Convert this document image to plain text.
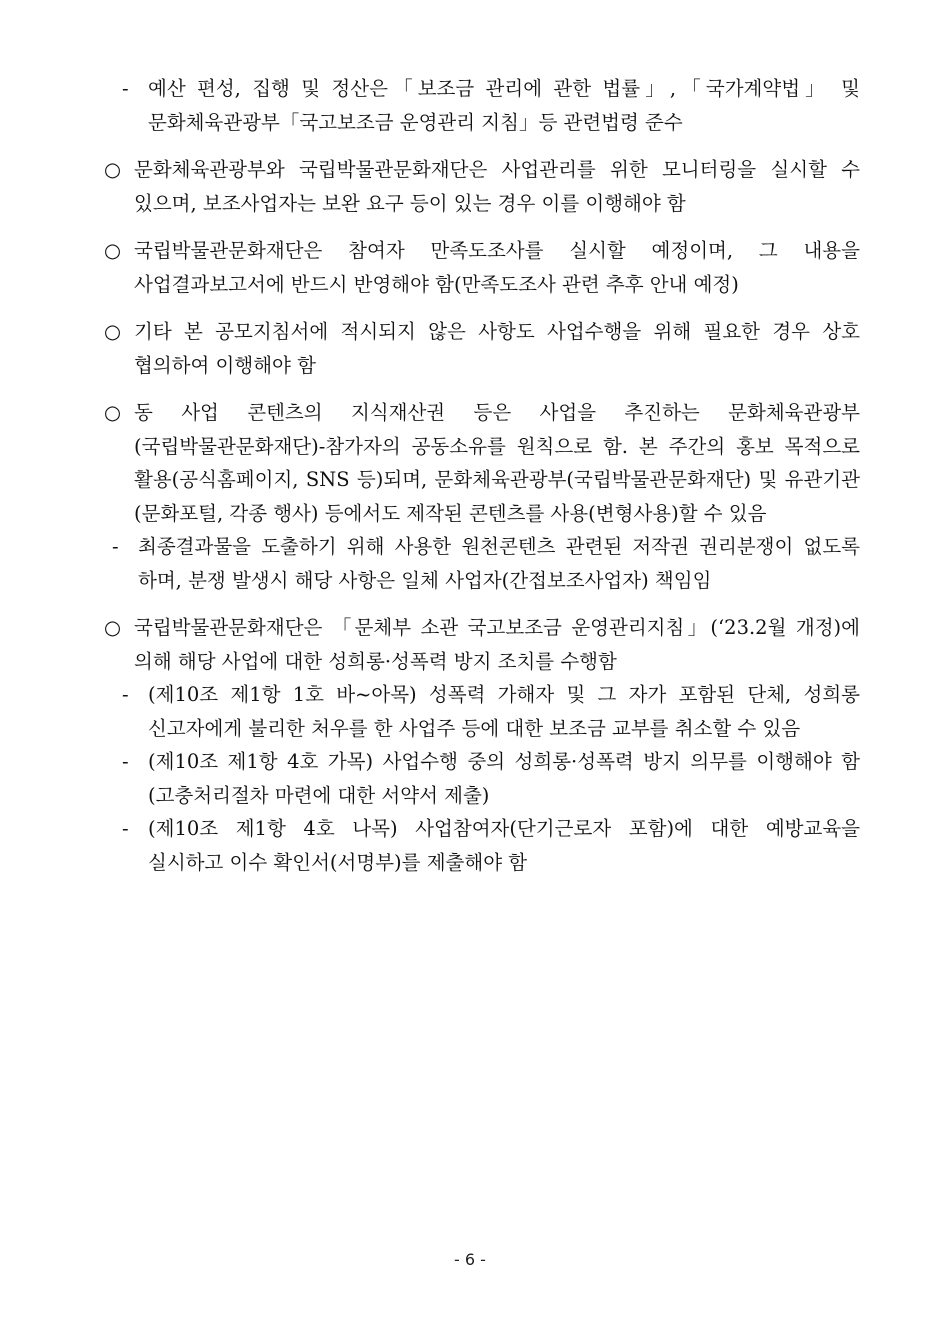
- 예산 편성, 집행 및 정산은「보조금 관리에 관한 법률」,「국가계약법」 및 문화체육관광부「국고보조금 운영관리 지침」등 관련법령 준수
○ 문화체육관광부와 국립박물관문화재단은 사업관리를 위한 모니터링을 실시할 수 있으며, 보조사업자는 보완 요구 등이 있는 경우 이를 이행해야 함
○ 국립박물관문화재단은 참여자 만족도조사를 실시할 예정이며, 그 내용을 사업결과보고서에 반드시 반영해야 함(만족도조사 관련 추후 안내 예정)
○ 기타 본 공모지침서에 적시되지 않은 사항도 사업수행을 위해 필요한 경우 상호 협의하여 이행해야 함
○ 동 사업 콘텐츠의 지식재산권 등은 사업을 추진하는 문화체육관광부(국립박물관문화재단)-참가자의 공동소유를 원칙으로 함. 본 주간의 홍보 목적으로 활용(공식홈페이지, SNS 등)되며, 문화체육관광부(국립박물관문화재단) 및 유관기관(문화포털, 각종 행사) 등에서도 제작된 콘텐츠를 사용(변형사용)할 수 있음
- 최종결과물을 도출하기 위해 사용한 원천콘텐츠 관련된 저작권 권리분쟁이 없도록 하며, 분쟁 발생시 해당 사항은 일체 사업자(간접보조사업자) 책임임
○ 국립박물관문화재단은 「문체부 소관 국고보조금 운영관리지침」(‘23.2월 개정)에 의해 해당 사업에 대한 성희롱·성폭력 방지 조치를 수행함
- (제10조 제1항 1호 바~아목) 성폭력 가해자 및 그 자가 포함된 단체, 성희롱 신고자에게 불리한 처우를 한 사업주 등에 대한 보조금 교부를 취소할 수 있음
- (제10조 제1항 4호 가목) 사업수행 중의 성희롱·성폭력 방지 의무를 이행해야 함(고충처리절차 마련에 대한 서약서 제출)
- (제10조 제1항 4호 나목) 사업참여자(단기근로자 포함)에 대한 예방교육을 실시하고 이수 확인서(서명부)를 제출해야 함
- 6 -
